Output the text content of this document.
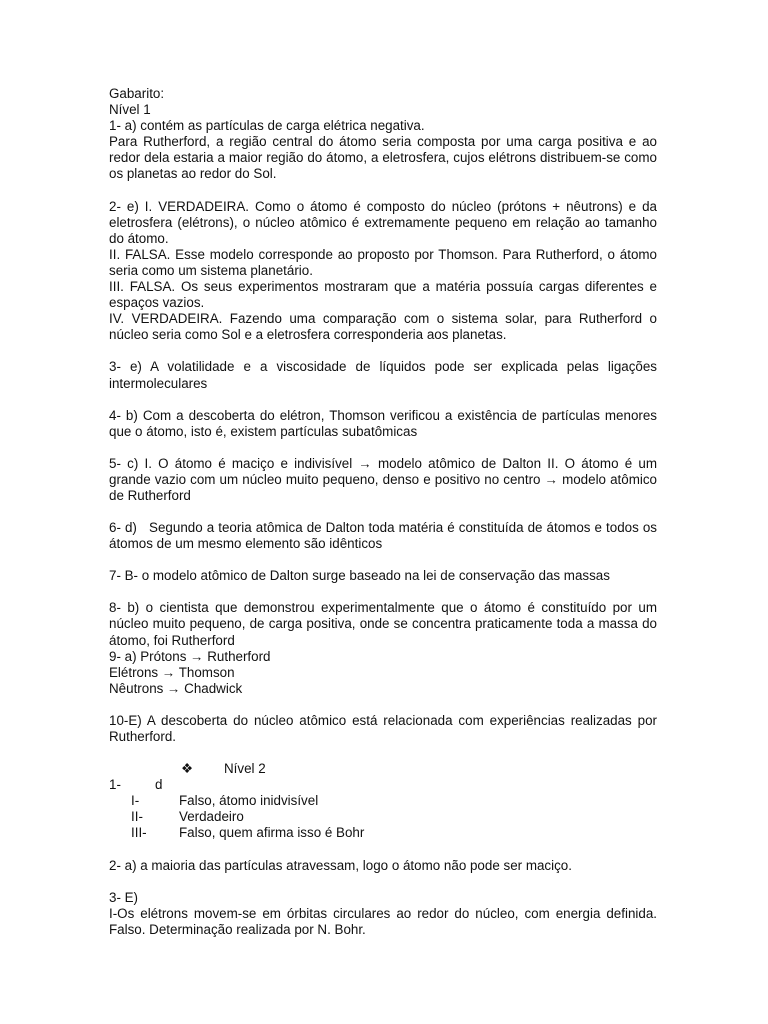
Gabarito:

Nível 1

1- a) contém as partículas de carga elétrica negativa.

Para Rutherford, a região central do átomo seria composta por uma carga positiva e ao redor dela estaria a maior região do átomo, a eletrosfera, cujos elétrons distribuem-se como os planetas ao redor do Sol.

2- e) I. VERDADEIRA. Como o átomo é composto do núcleo (prótons + nêutrons) e da eletrosfera (elétrons), o núcleo atômico é extremamente pequeno em relação ao tamanho do átomo.

II. FALSA. Esse modelo corresponde ao proposto por Thomson. Para Rutherford, o átomo seria como um sistema planetário.

III. FALSA. Os seus experimentos mostraram que a matéria possuía cargas diferentes e espaços vazios.

IV. VERDADEIRA. Fazendo uma comparação com o sistema solar, para Rutherford o núcleo seria como Sol e a eletrosfera corresponderia aos planetas.

3- e) A volatilidade e a viscosidade de líquidos pode ser explicada pelas ligações intermoleculares

4- b) Com a descoberta do elétron, Thomson verificou a existência de partículas menores que o átomo, isto é, existem partículas subatômicas

5- c) I. O átomo é maciço e indivisível → modelo atômico de Dalton II. O átomo é um grande vazio com um núcleo muito pequeno, denso e positivo no centro → modelo atômico de Rutherford

6- d)   Segundo a teoria atômica de Dalton toda matéria é constituída de átomos e todos os átomos de um mesmo elemento são idênticos

7- B- o modelo atômico de Dalton surge baseado na lei de conservação das massas

8- b) o cientista que demonstrou experimentalmente que o átomo é constituído por um núcleo muito pequeno, de carga positiva, onde se concentra praticamente toda a massa do átomo, foi Rutherford

9- a) Prótons → Rutherford

Elétrons → Thomson

Nêutrons → Chadwick

10-E) A descoberta do núcleo atômico está relacionada com experiências realizadas por Rutherford.

❖ Nível 2
1-	d
I-	Falso, átomo inidvisível
II-	Verdadeiro
III- Falso, quem afirma isso é Bohr

2- a) a maioria das partículas atravessam, logo o átomo não pode ser maciço.

3- E)

I-Os elétrons movem-se em órbitas circulares ao redor do núcleo, com energia definida. Falso. Determinação realizada por N. Bohr.
